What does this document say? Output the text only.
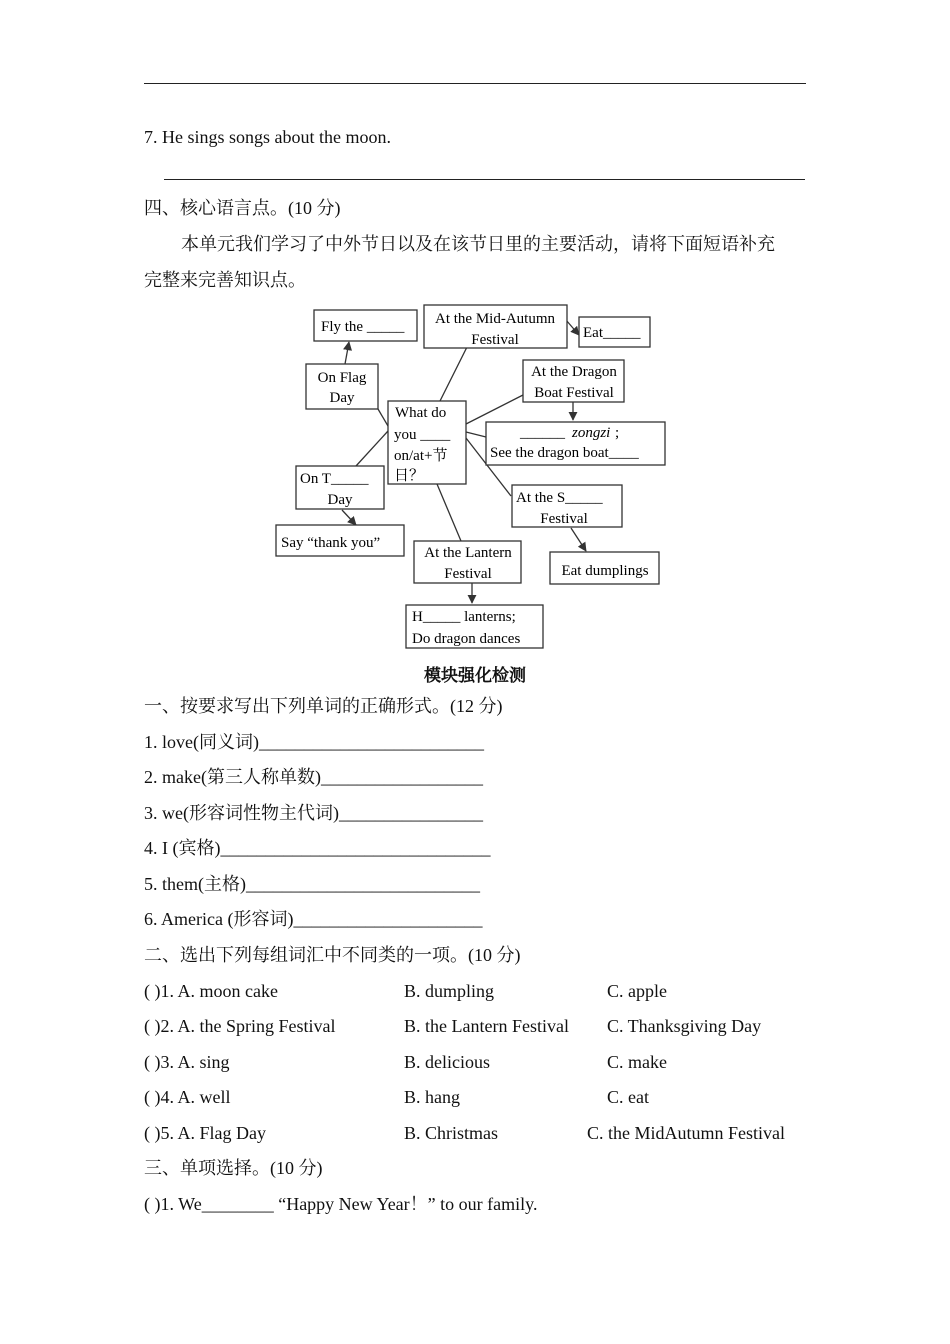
7. He sings songs about the moon.
四、核心语言点。(10 分)
本单元我们学习了中外节日以及在该节日里的主要活动，请将下面短语补充
完整来完善知识点。
What do
you ____
on/at+节
日？
Fly the _____ At the Mid-Autumn
Festival	Eat_____
At the Dragon
Boat Festival
______ zongzi ;
See the dragon boat____
On Flag
Day
On T_____
Day
Say “thank you”
At the Lantern
Festival
H_____ lanterns;
Do dragon dances
At the S_____
Festival
Eat dumplings
模块强化检测
一、按要求写出下列单词的正确形式。(12 分)
1. love(同义词)_________________________
2. make(第三人称单数)__________________
3. we(形容词性物主代词)________________
4. I (宾格)______________________________
5. them(主格)__________________________
6. America (形容词)_____________________
二、选出下列每组词汇中不同类的一项。(10 分)
( )1. A. moon cake	B. dumpling	C. apple
( )2. A. the Spring Festival	B. the Lantern Festival C. Thanksgiving Day
( )3. A. sing	B. delicious	C. make
( )4. A. well	B. hang	C. eat
( )5. A. Flag Day	B. Christmas	C. the MidAutumn Festival
三、单项选择。(10 分)
( )1. We________ “Happy New Year！” to our family.
